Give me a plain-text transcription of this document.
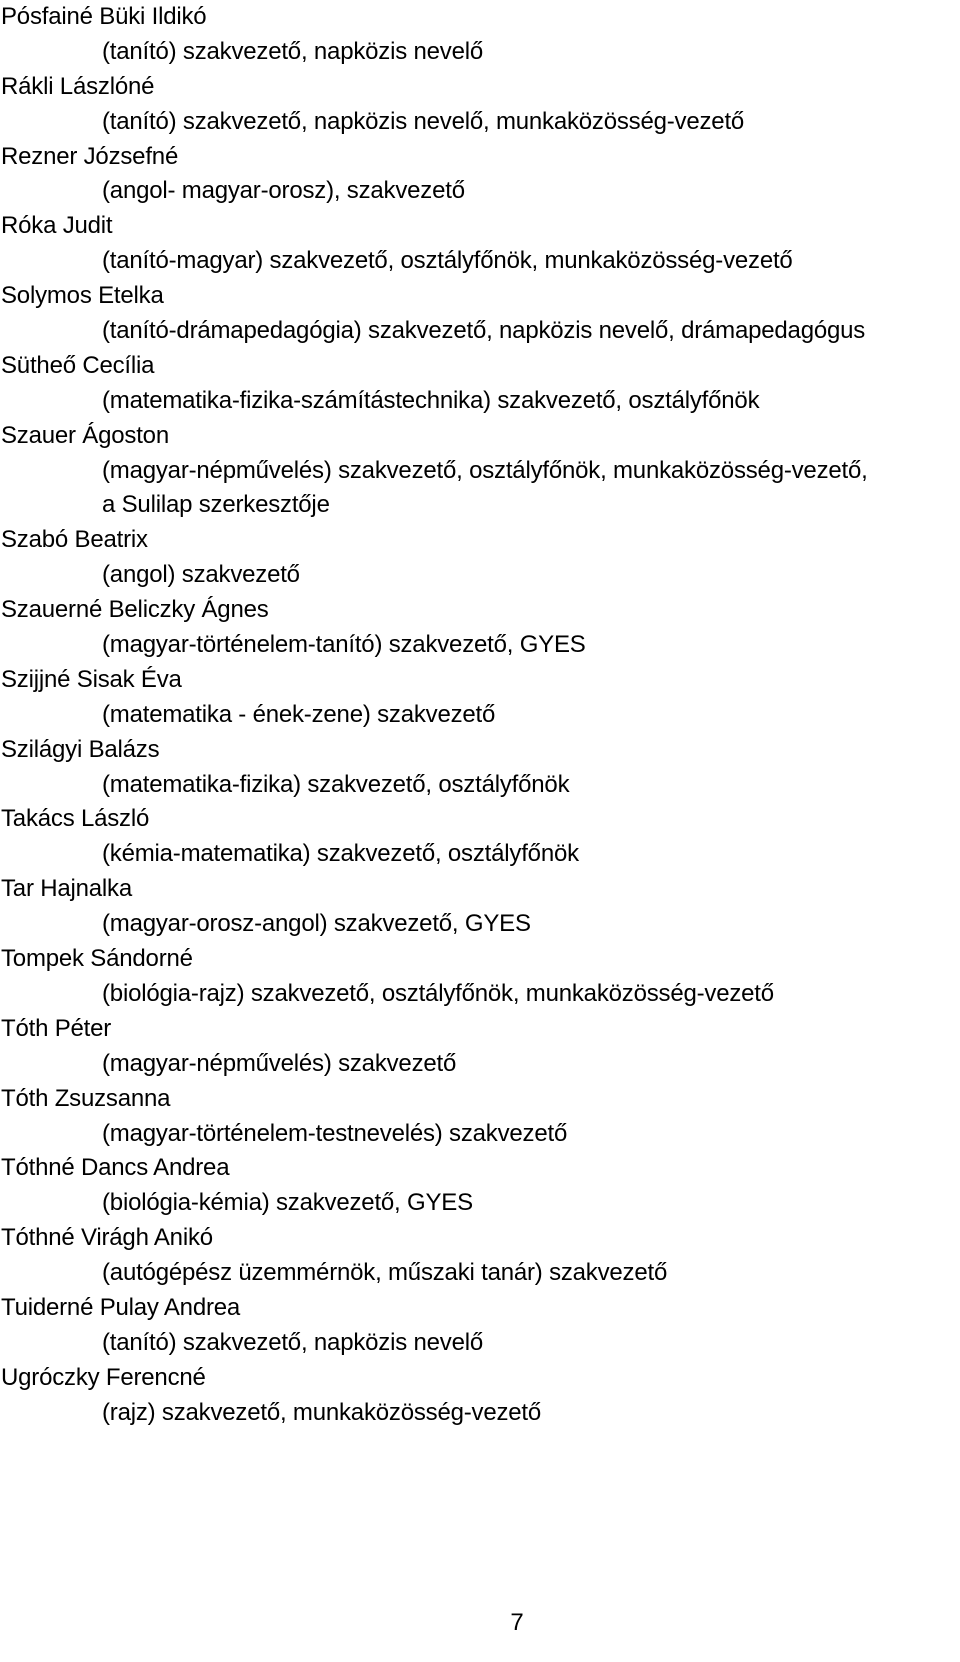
Pósfainé Büki Ildikó
(tanító) szakvezető, napközis nevelő
Rákli Lászlóné
(tanító) szakvezető, napközis nevelő, munkaközösség-vezető
Rezner Józsefné
(angol- magyar-orosz), szakvezető
Róka Judit
(tanító-magyar) szakvezető, osztályfőnök, munkaközösség-vezető
Solymos Etelka
(tanító-drámapedagógia) szakvezető, napközis nevelő, drámapedagógus
Sütheő Cecília
(matematika-fizika-számítástechnika) szakvezető, osztályfőnök
Szauer Ágoston
(magyar-népművelés) szakvezető, osztályfőnök, munkaközösség-vezető,
a Sulilap szerkesztője
Szabó Beatrix
(angol) szakvezető
Szauerné Beliczky Ágnes
(magyar-történelem-tanító) szakvezető, GYES
Szijjné Sisak Éva
(matematika - ének-zene) szakvezető
Szilágyi Balázs
(matematika-fizika) szakvezető, osztályfőnök
Takács László
(kémia-matematika) szakvezető, osztályfőnök
Tar Hajnalka
(magyar-orosz-angol) szakvezető, GYES
Tompek Sándorné
(biológia-rajz) szakvezető, osztályfőnök, munkaközösség-vezető
Tóth Péter
(magyar-népművelés) szakvezető
Tóth Zsuzsanna
(magyar-történelem-testnevelés) szakvezető
Tóthné Dancs Andrea
(biológia-kémia) szakvezető, GYES
Tóthné Virágh Anikó
(autógépész üzemmérnök, műszaki tanár) szakvezető
Tuiderné Pulay Andrea
(tanító) szakvezető, napközis nevelő
Ugróczky Ferencné
(rajz) szakvezető, munkaközösség-vezető
7
